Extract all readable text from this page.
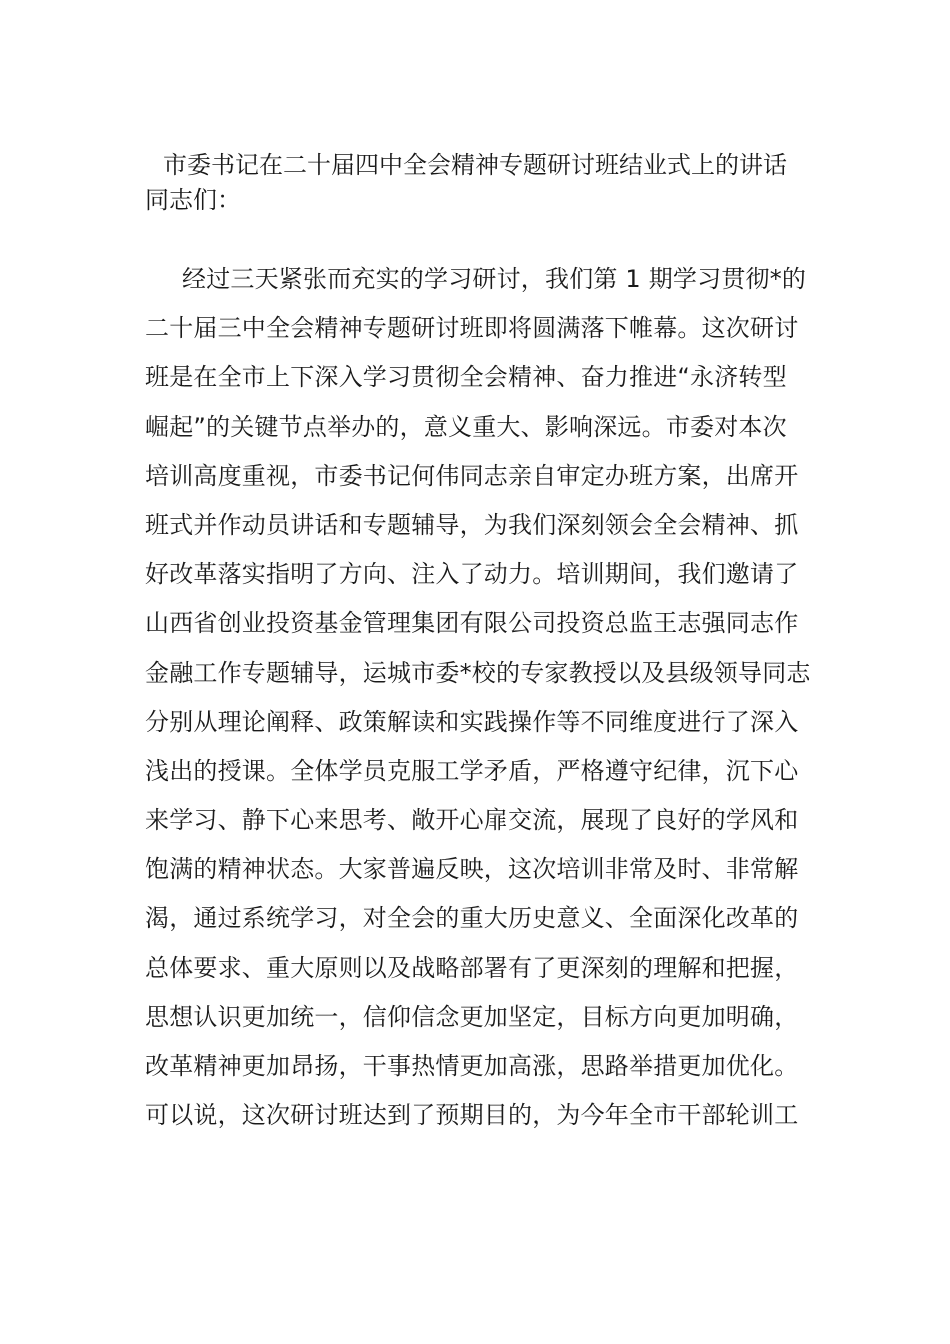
市委书记在二十届四中全会精神专题研讨班结业式上的讲话

同志们：

经过三天紧张而充实的学习研讨，我们第 1 期学习贯彻*的
二十届三中全会精神专题研讨班即将圆满落下帷幕。这次研讨
班是在全市上下深入学习贯彻全会精神、奋力推进“永济转型
崛起”的关键节点举办的，意义重大、影响深远。市委对本次
培训高度重视，市委书记何伟同志亲自审定办班方案，出席开
班式并作动员讲话和专题辅导，为我们深刻领会全会精神、抓
好改革落实指明了方向、注入了动力。培训期间，我们邀请了
山西省创业投资基金管理集团有限公司投资总监王志强同志作
金融工作专题辅导，运城市委*校的专家教授以及县级领导同志
分别从理论阐释、政策解读和实践操作等不同维度进行了深入
浅出的授课。全体学员克服工学矛盾，严格遵守纪律，沉下心
来学习、静下心来思考、敞开心扉交流，展现了良好的学风和
饱满的精神状态。大家普遍反映，这次培训非常及时、非常解
渴，通过系统学习，对全会的重大历史意义、全面深化改革的
总体要求、重大原则以及战略部署有了更深刻的理解和把握，
思想认识更加统一，信仰信念更加坚定，目标方向更加明确，
改革精神更加昂扬，干事热情更加高涨，思路举措更加优化。
可以说，这次研讨班达到了预期目的，为今年全市干部轮训工
